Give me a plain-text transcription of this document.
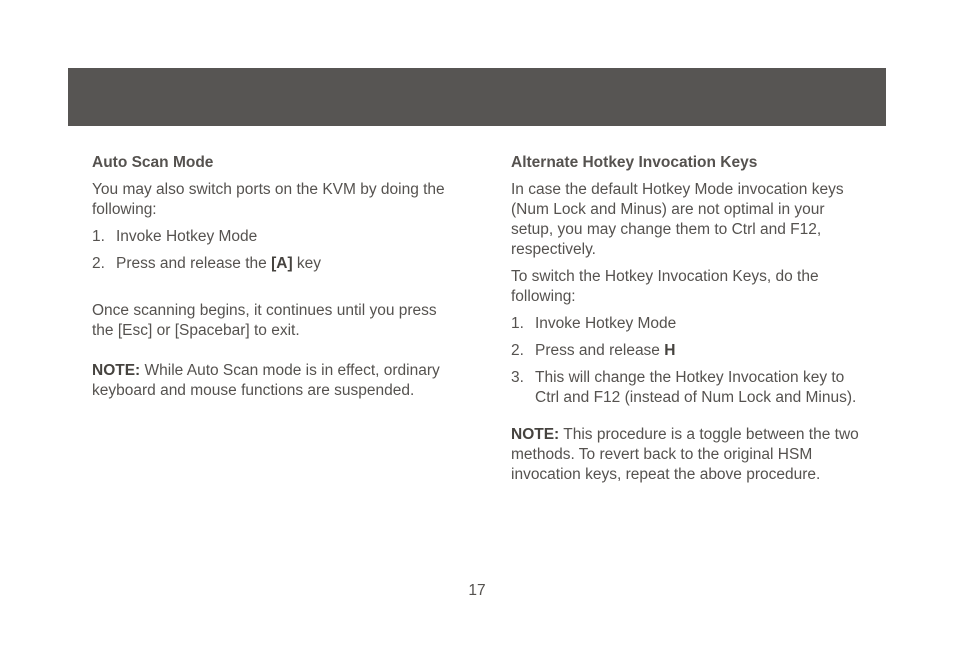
Auto Scan Mode

You may also switch ports on the KVM by doing the following:

1. Invoke Hotkey Mode
2. Press and release the [A] key

Once scanning begins, it continues until you press the [Esc] or [Spacebar] to exit.

NOTE: While Auto Scan mode is in effect, ordinary keyboard and mouse functions are suspended.

Alternate Hotkey Invocation Keys

In case the default Hotkey Mode invocation keys (Num Lock and Minus) are not optimal in your setup, you may change them to Ctrl and F12, respectively.

To switch the Hotkey Invocation Keys, do the following:

1. Invoke Hotkey Mode
2. Press and release H
3. This will change the Hotkey Invocation key to Ctrl and F12 (instead of Num Lock and Minus).

NOTE: This procedure is a toggle between the two methods. To revert back to the original HSM invocation keys, repeat the above procedure.

17
